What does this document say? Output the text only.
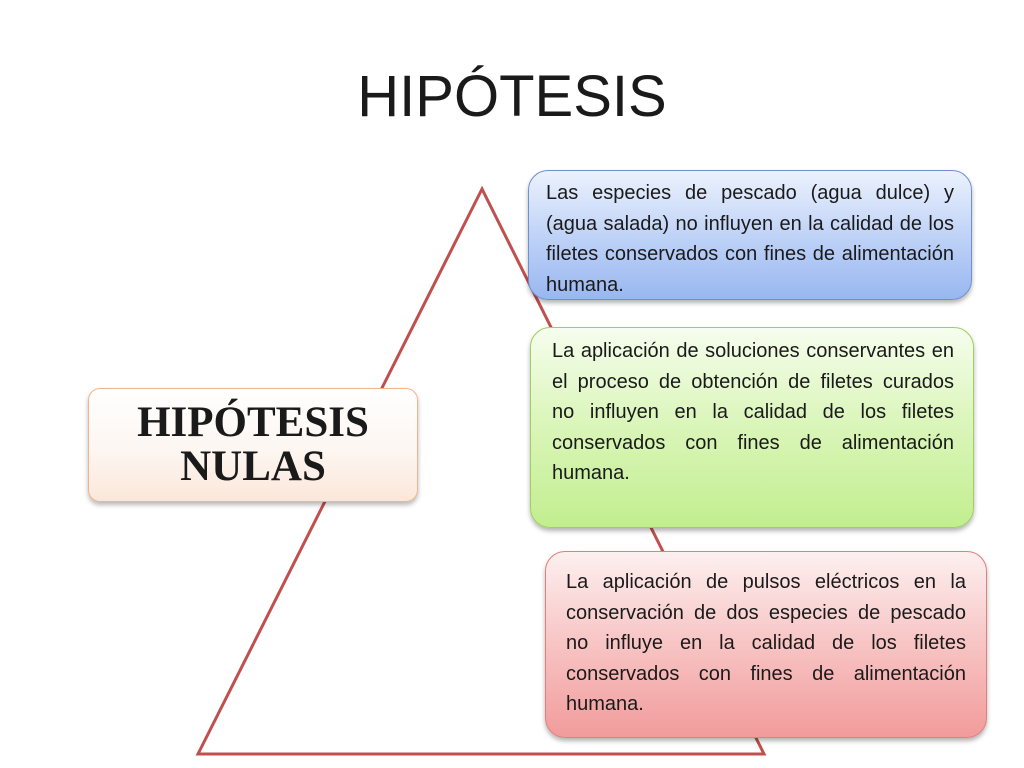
HIPÓTESIS
HIPÓTESIS NULAS
Las especies de pescado (agua dulce) y (agua salada) no influyen en la calidad de los filetes conservados con fines de alimentación humana.
La aplicación de soluciones conservantes en el proceso de obtención de filetes curados no influyen en la calidad de los filetes conservados con fines de alimentación humana.
La aplicación de pulsos eléctricos en la conservación de dos especies de pescado no influye en la calidad de los filetes conservados con fines de alimentación humana.
